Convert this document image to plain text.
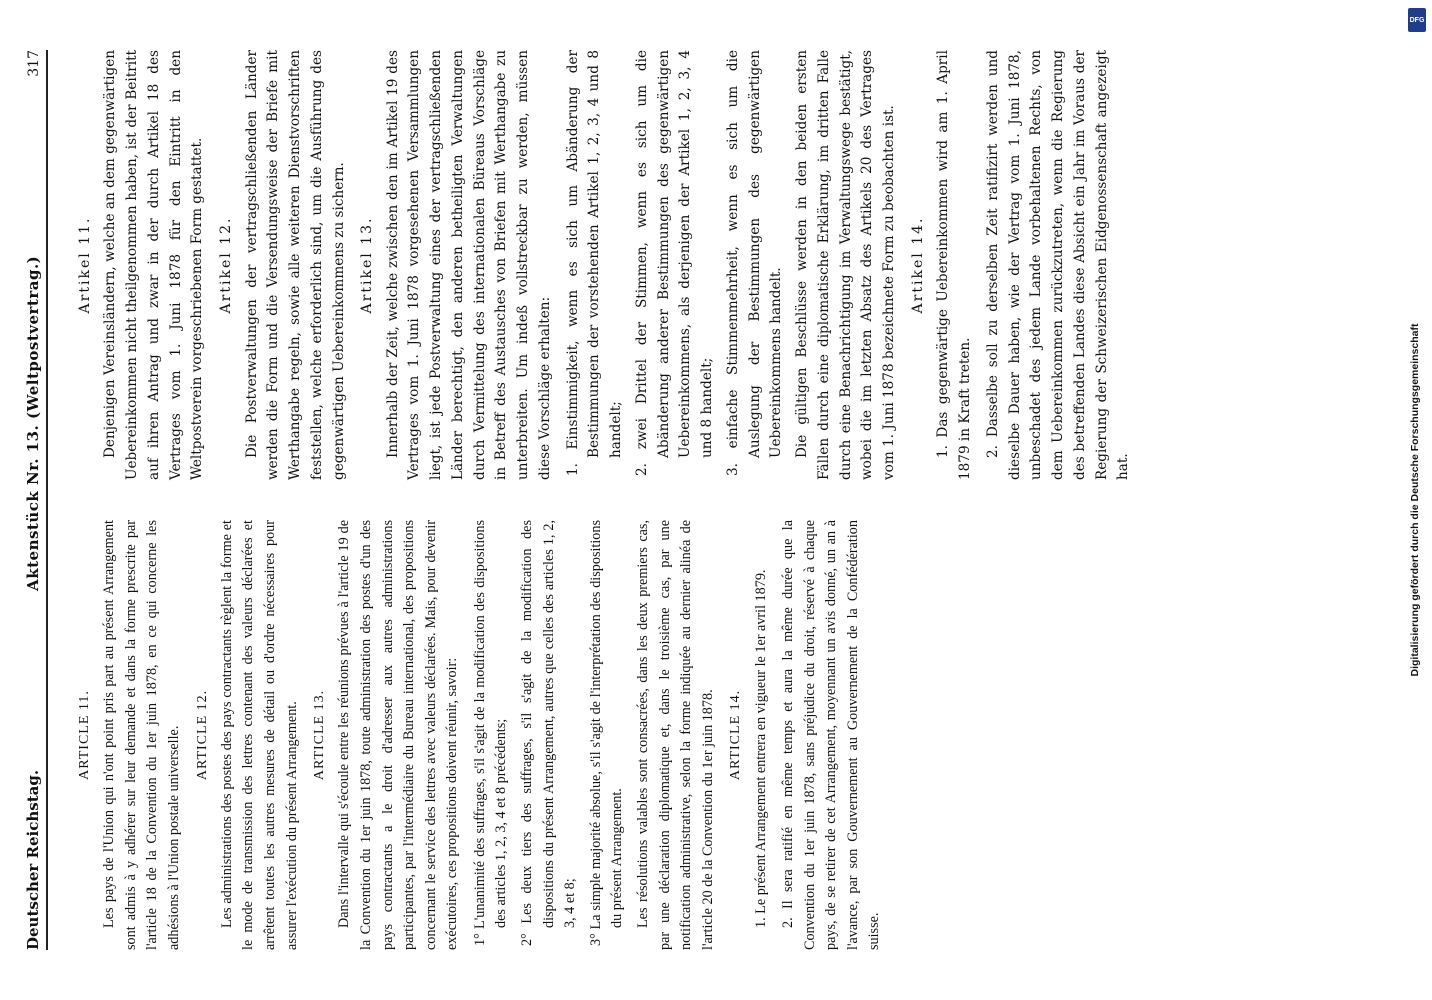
Deutscher Reichstag.
Aktenstück Nr. 13. (Weltpostvertrag.)
317
ARTICLE 11. Les pays de l'Union qui n'ont point pris part au présent Arrangement sont admis à y adhérer sur leur demande et dans la forme prescrite par l'article 18 de la Convention du 1er juin 1878, en ce qui concerne les adhésions à l'Union postale universelle. ARTICLE 12. Les administrations des postes des pays contractants règlent la forme et le mode de transmission des lettres contenant des valeurs déclarées et arrêtent toutes les autres mesures de détail ou d'ordre nécessaires pour assurer l'exécution du présent Arrangement. ARTICLE 13. Dans l'intervalle qui s'écoule entre les réunions prévues à l'article 19 de la Convention du 1er juin 1878, toute administration des postes d'un des pays contractants a le droit d'adresser aux autres administrations participantes, par l'intermédiaire du Bureau international, des propositions concernant le service des lettres avec valeurs déclarées. Mais, pour devenir exécutoires, ces propositions doivent réunir, savoir: 1° L'unanimité des suffrages, s'il s'agit de la modification des dispositions des articles 1, 2, 3, 4 et 8 précédents; 2° Les deux tiers des suffrages, s'il s'agit de la modification des dispositions du présent Arrangement, autres que celles des articles 1, 2, 3, 4 et 8; 3° La simple majorité absolue, s'il s'agit de l'interprétation des dispositions du présent Arrangement. Les résolutions valables sont consacrées, dans les deux premiers cas, par une déclaration diplomatique et, dans le troisième cas, par une notification administrative, selon la forme indiquée au dernier alinéa de l'article 20 de la Convention du 1er juin 1878. ARTICLE 14. 1. Le présent Arrangement entrera en vigueur le 1er avril 1879. 2. Il sera ratifié en même temps et aura la même durée que la Convention du 1er juin 1878, sans préjudice du droit, réservé à chaque pays, de se retirer de cet Arrangement, moyennant un avis donné, un an à l'avance, par son Gouvernement au Gouvernement de la Confédération suisse.

Artikel 11. Denjenigen Vereinsländern, welche an dem gegenwärtigen Uebereinkommen nicht theilgenommen haben, ist der Beitritt auf ihren Antrag und zwar in der durch Artikel 18 des Vertrages vom 1. Juni 1878 für den Eintritt in den Weltpostverein vorgeschriebenen Form gestattet. Artikel 12. Die Postverwaltungen der vertragschließenden Länder werden die Form und die Versendungsweise der Briefe mit Werthangabe regeln, sowie alle weiteren Dienstvorschriften feststellen, welche erforderlich sind, um die Ausführung des gegenwärtigen Uebereinkommens zu sichern. Artikel 13. Innerhalb der Zeit, welche zwischen den im Artikel 19 des Vertrages vom 1. Juni 1878 vorgesehenen Versammlungen liegt, ist jede Postverwaltung eines der vertragschließenden Länder berechtigt, den anderen betheiligten Verwaltungen durch Vermittelung des internationalen Büreaus Vorschläge in Betreff des Austausches von Briefen mit Werthangabe zu unterbreiten. Um indeß vollstreckbar zu werden, müssen diese Vorschläge erhalten: 1. Einstimmigkeit, wenn es sich um Abänderung der Bestimmungen der vorstehenden Artikel 1, 2, 3, 4 und 8 handelt; 2. zwei Drittel der Stimmen, wenn es sich um die Abänderung anderer Bestimmungen des gegenwärtigen Uebereinkommens, als derjenigen der Artikel 1, 2, 3, 4 und 8 handelt; 3. einfache Stimmenmehrheit, wenn es sich um die Auslegung der Bestimmungen des gegenwärtigen Uebereinkommens handelt. Die gültigen Beschlüsse werden in den beiden ersten Fällen durch eine diplomatische Erklärung, im dritten Falle durch eine Benachrichtigung im Verwaltungswege bestätigt, wobei die im letzten Absatz des Artikels 20 des Vertrages vom 1. Juni 1878 bezeichnete Form zu beobachten ist. Artikel 14. 1. Das gegenwärtige Uebereinkommen wird am 1. April 1879 in Kraft treten. 2. Dasselbe soll zu derselben Zeit ratifizirt werden und dieselbe Dauer haben, wie der Vertrag vom 1. Juni 1878, unbeschadet des jedem Lande vorbehaltenen Rechts, von dem Uebereinkommen zurückzutreten, wenn die Regierung des betreffenden Landes diese Absicht ein Jahr im Voraus der Regierung der Schweizerischen Eidgenossenschaft angezeigt hat.	Digitalisierung gefördert durch die Deutsche Forschungsgemeinschaft
DFG
